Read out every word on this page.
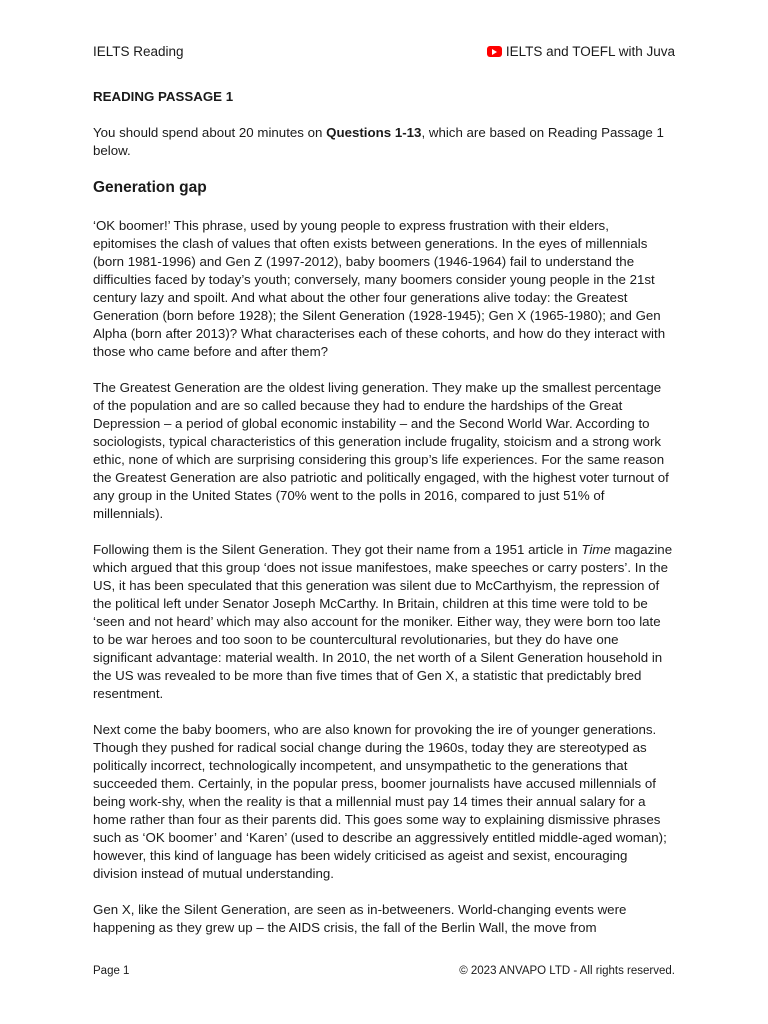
IELTS Reading	IELTS and TOEFL with Juva

READING PASSAGE 1

You should spend about 20 minutes on Questions 1-13, which are based on Reading Passage 1 below.

Generation gap

‘OK boomer!’ This phrase, used by young people to express frustration with their elders, epitomises the clash of values that often exists between generations. In the eyes of millennials (born 1981-1996) and Gen Z (1997-2012), baby boomers (1946-1964) fail to understand the difficulties faced by today’s youth; conversely, many boomers consider young people in the 21st century lazy and spoilt. And what about the other four generations alive today: the Greatest Generation (born before 1928); the Silent Generation (1928-1945); Gen X (1965-1980); and Gen Alpha (born after 2013)? What characterises each of these cohorts, and how do they interact with those who came before and after them?

The Greatest Generation are the oldest living generation. They make up the smallest percentage of the population and are so called because they had to endure the hardships of the Great Depression – a period of global economic instability – and the Second World War. According to sociologists, typical characteristics of this generation include frugality, stoicism and a strong work ethic, none of which are surprising considering this group’s life experiences. For the same reason the Greatest Generation are also patriotic and politically engaged, with the highest voter turnout of any group in the United States (70% went to the polls in 2016, compared to just 51% of millennials).

Following them is the Silent Generation. They got their name from a 1951 article in Time magazine which argued that this group ‘does not issue manifestoes, make speeches or carry posters’. In the US, it has been speculated that this generation was silent due to McCarthyism, the repression of the political left under Senator Joseph McCarthy. In Britain, children at this time were told to be ‘seen and not heard’ which may also account for the moniker. Either way, they were born too late to be war heroes and too soon to be countercultural revolutionaries, but they do have one significant advantage: material wealth. In 2010, the net worth of a Silent Generation household in the US was revealed to be more than five times that of Gen X, a statistic that predictably bred resentment.

Next come the baby boomers, who are also known for provoking the ire of younger generations. Though they pushed for radical social change during the 1960s, today they are stereotyped as politically incorrect, technologically incompetent, and unsympathetic to the generations that succeeded them. Certainly, in the popular press, boomer journalists have accused millennials of being work-shy, when the reality is that a millennial must pay 14 times their annual salary for a home rather than four as their parents did. This goes some way to explaining dismissive phrases such as ‘OK boomer’ and ‘Karen’ (used to describe an aggressively entitled middle-aged woman); however, this kind of language has been widely criticised as ageist and sexist, encouraging division instead of mutual understanding.

Gen X, like the Silent Generation, are seen as in-betweeners. World-changing events were happening as they grew up – the AIDS crisis, the fall of the Berlin Wall, the move from

Page 1	© 2023 ANVAPO LTD - All rights reserved.
